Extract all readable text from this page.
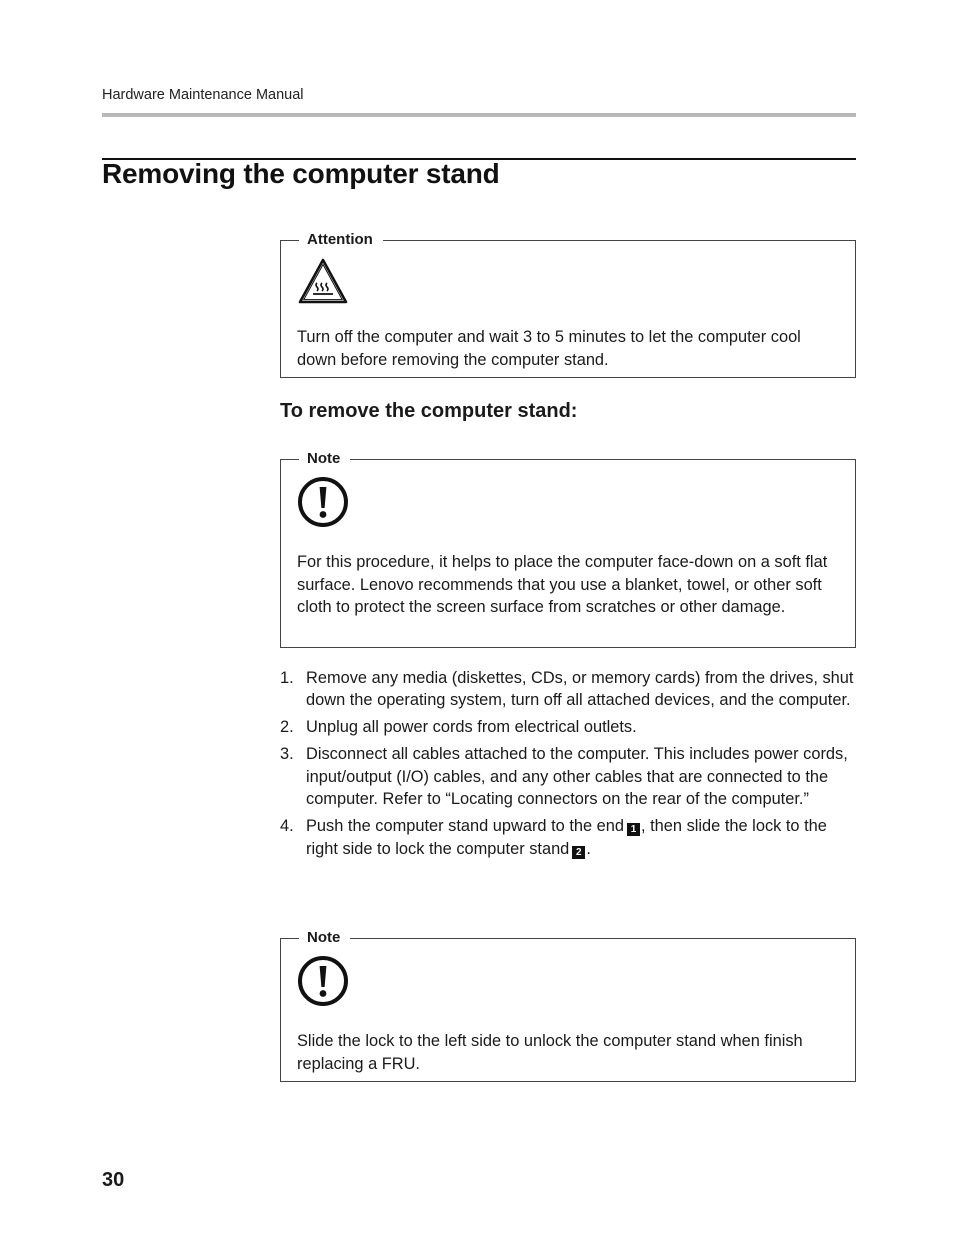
Hardware Maintenance Manual
Removing the computer stand
Attention

Turn off the computer and wait 3 to 5 minutes to let the computer cool down before removing the computer stand.

To remove the computer stand:
Note

For this procedure, it helps to place the computer face-down on a soft flat surface. Lenovo recommends that you use a blanket, towel, or other soft cloth to protect the screen surface from scratches or other damage.

1. Remove any media (diskettes, CDs, or memory cards) from the drives, shut down the operating system, turn off all attached devices, and the computer.
2. Unplug all power cords from electrical outlets.
3. Disconnect all cables attached to the computer. This includes power cords, input/output (I/O) cables, and any other cables that are connected to the computer. Refer to “Locating connectors on the rear of the computer.”
4. Push the computer stand upward to the end 1 , then slide the lock to the right side to lock the computer stand 2 .
Note

Slide the lock to the left side to unlock the computer stand when finish replacing a FRU.

30
